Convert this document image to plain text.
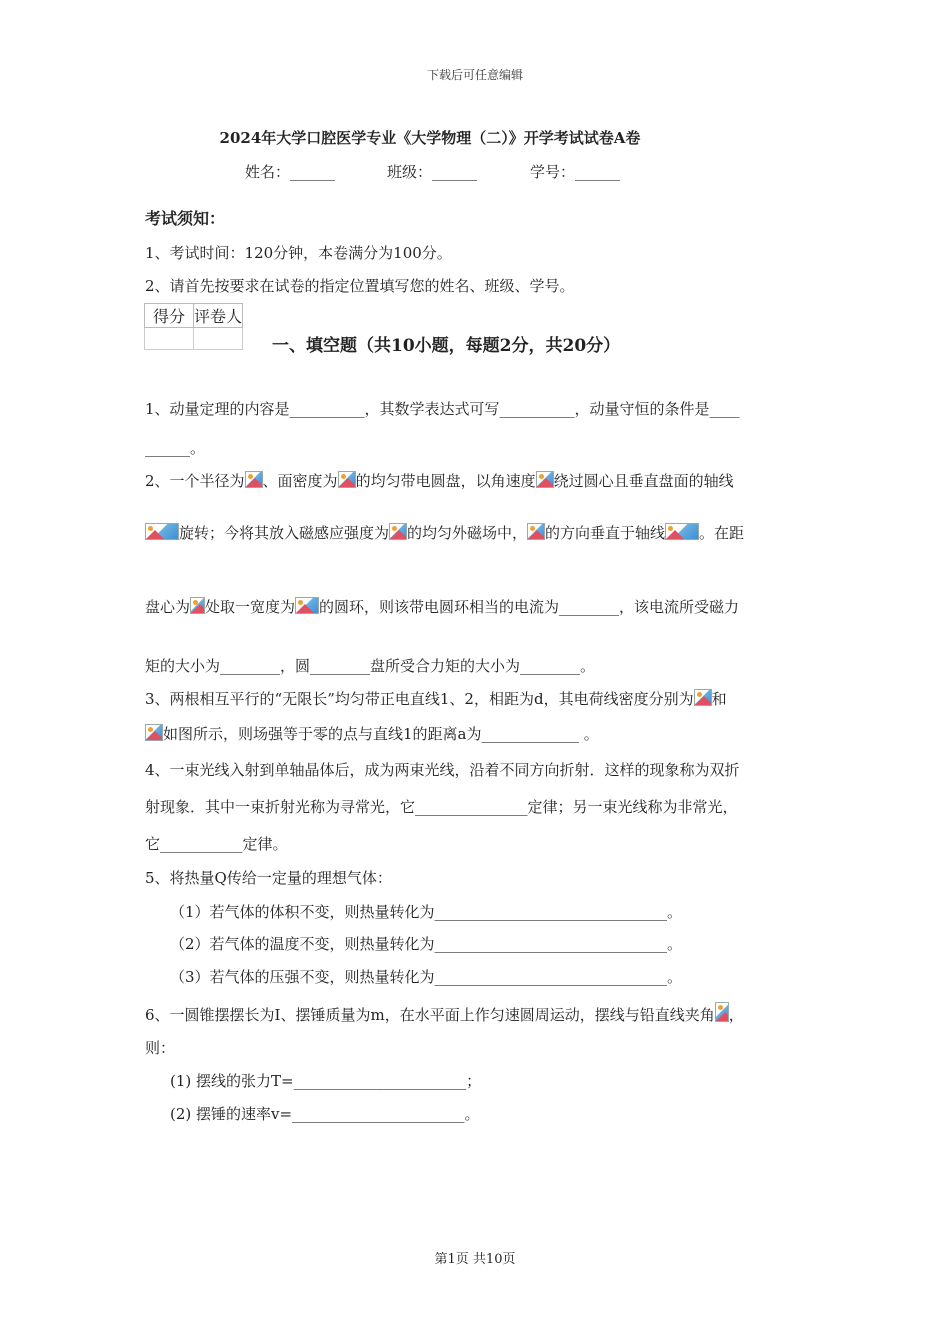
下载后可任意编辑
2024年大学口腔医学专业《大学物理（二）》开学考试试卷A卷
姓名：______	班级：______	学号：______
考试须知：
1、考试时间：120分钟，本卷满分为100分。
2、请首先按要求在试卷的指定位置填写您的姓名、班级、学号。
得分	评卷人

一、填空题（共10小题，每题2分，共20分）
1、动量定理的内容是__________，其数学表达式可写__________，动量守恒的条件是____
______。
2、一个半径为 、面密度为 的均匀带电圆盘，以角速度 绕过圆心且垂直盘面的轴线
旋转；今将其放入磁感应强度为 的均匀外磁场中， 的方向垂直于轴线 。在距
盘心为 处取一宽度为 的圆环，则该带电圆环相当的电流为________，该电流所受磁力
矩的大小为________，圆________盘所受合力矩的大小为________。
3、两根相互平行的“无限长”均匀带正电直线1、2，相距为d，其电荷线密度分别为 和
如图所示，则场强等于零的点与直线1的距离a为_____________ 。
4、一束光线入射到单轴晶体后，成为两束光线，沿着不同方向折射．这样的现象称为双折
射现象．其中一束折射光称为寻常光，它_______________定律；另一束光线称为非常光，
它___________定律。
5、将热量Q传给一定量的理想气体：
（1）若气体的体积不变，则热量转化为_______________________________。
（2）若气体的温度不变，则热量转化为_______________________________。
（3）若气体的压强不变，则热量转化为_______________________________。
6、一圆锥摆摆长为I、摆锤质量为m，在水平面上作匀速圆周运动，摆线与铅直线夹角 ，
则：
(1) 摆线的张力T=_______________________；
(2) 摆锤的速率v=_______________________。
第1页 共10页
